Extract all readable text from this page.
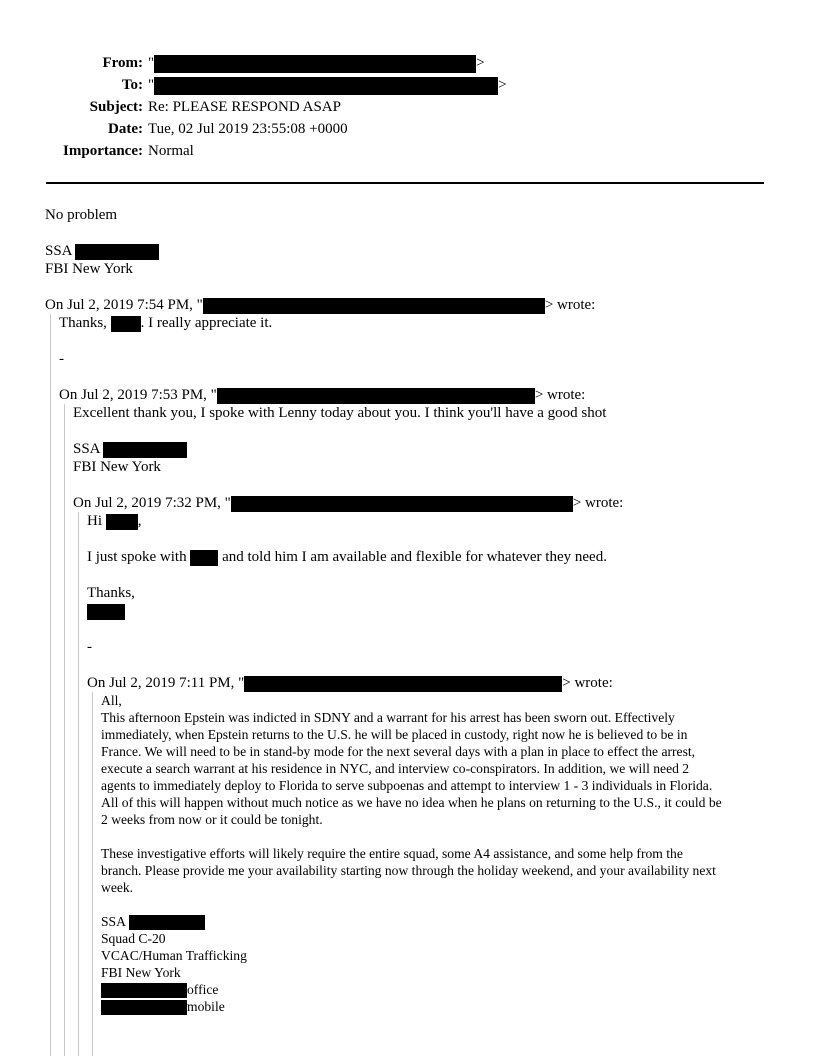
From: "	>
To: "	>
Subject: Re: PLEASE RESPOND ASAP
Date: Tue, 02 Jul 2019 23:55:08 +0000
Importance: Normal
No problem
SSA
FBI New York
On Jul 2, 2019 7:54 PM, "	> wrote:
Thanks, . I really appreciate it.
-
On Jul 2, 2019 7:53 PM, "	> wrote:
Excellent thank you, I spoke with Lenny today about you. I think you'll have a good shot
SSA
FBI New York
On Jul 2, 2019 7:32 PM, "	> wrote:
Hi ,
I just spoke with and told him I am available and flexible for whatever they need.
Thanks,
-
On Jul 2, 2019 7:11 PM, "	> wrote:
All,
This afternoon Epstein was indicted in SDNY and a warrant for his arrest has been sworn out. Effectively
immediately, when Epstein returns to the U.S. he will be placed in custody, right now he is believed to be in
France. We will need to be in stand-by mode for the next several days with a plan in place to effect the arrest,
execute a search warrant at his residence in NYC, and interview co-conspirators. In addition, we will need 2
agents to immediately deploy to Florida to serve subpoenas and attempt to interview 1 - 3 individuals in Florida.
All of this will happen without much notice as we have no idea when he plans on returning to the U.S., it could be
2 weeks from now or it could be tonight.
These investigative efforts will likely require the entire squad, some A4 assistance, and some help from the
branch. Please provide me your availability starting now through the holiday weekend, and your availability next
week.
SSA
Squad C-20
VCAC/Human Trafficking
FBI New York
office
mobile
